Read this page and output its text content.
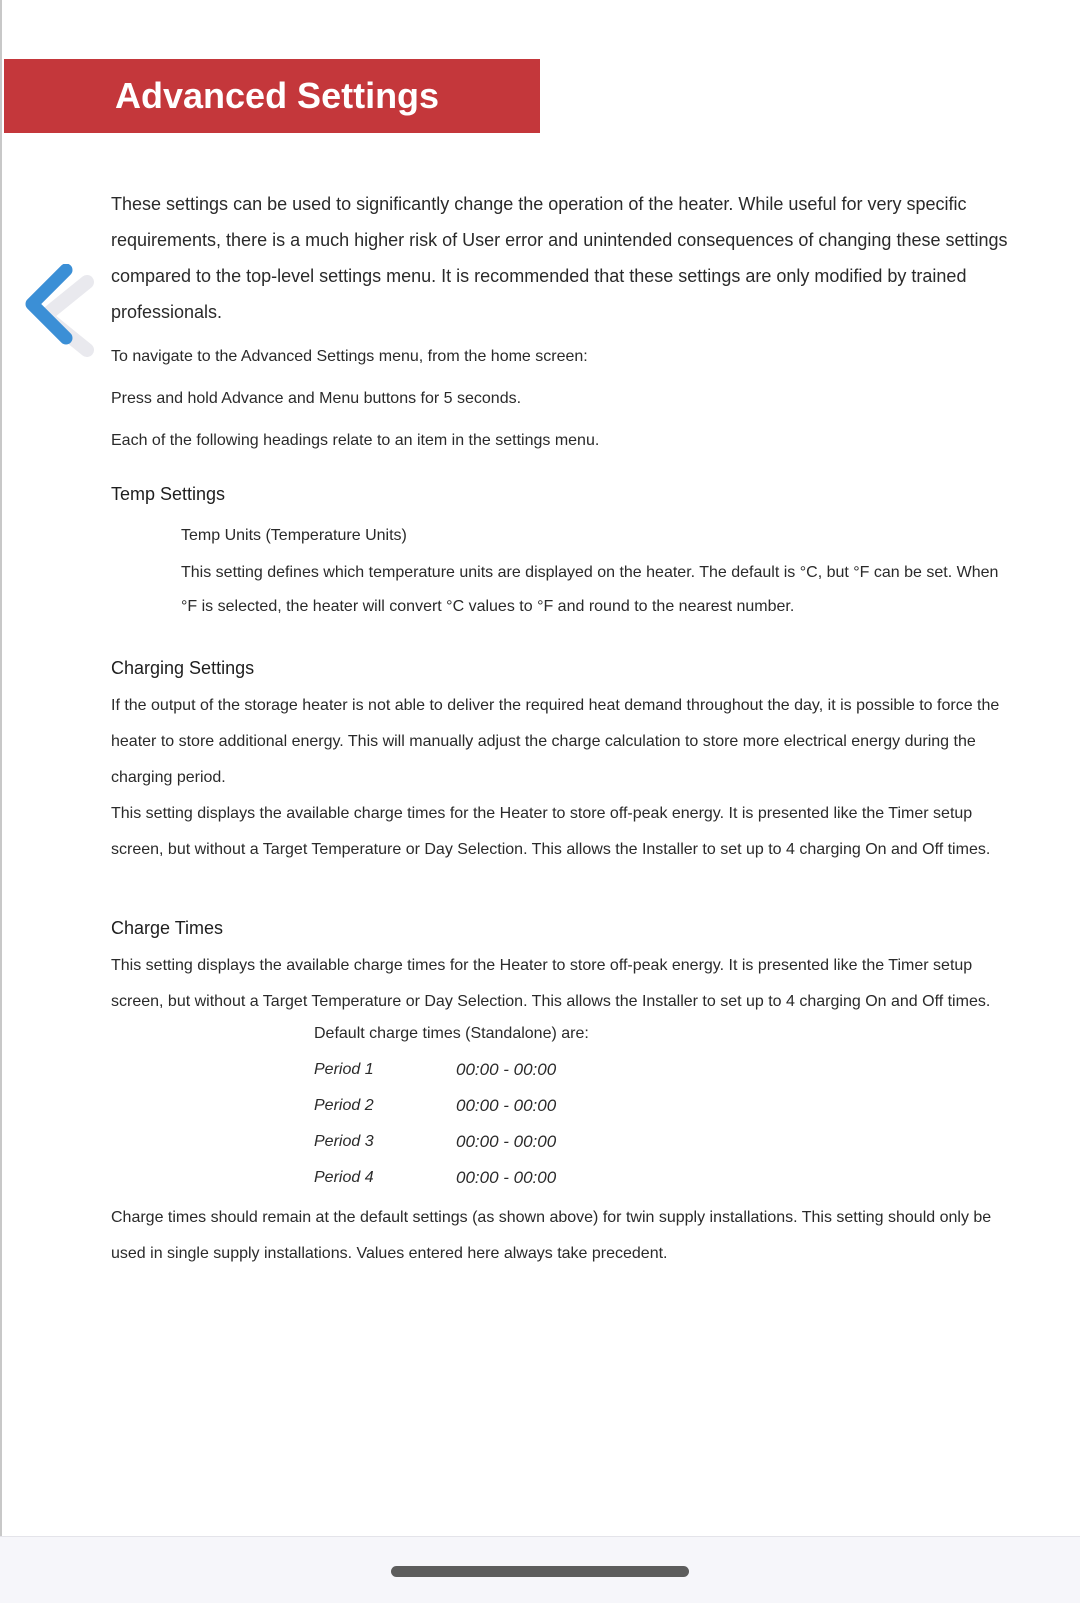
Advanced Settings

These settings can be used to significantly change the operation of the heater. While useful for very specific requirements, there is a much higher risk of User error and unintended consequences of changing these settings compared to the top-level settings menu. It is recommended that these settings are only modified by trained professionals.

To navigate to the Advanced Settings menu, from the home screen:

Press and hold Advance and Menu buttons for 5 seconds.

Each of the following headings relate to an item in the settings menu.

Temp Settings

Temp Units (Temperature Units)

This setting defines which temperature units are displayed on the heater. The default is °C, but °F can be set. When °F is selected, the heater will convert °C values to °F and round to the nearest number.

Charging Settings

If the output of the storage heater is not able to deliver the required heat demand throughout the day, it is possible to force the heater to store additional energy. This will manually adjust the charge calculation to store more electrical energy during the charging period.

This setting displays the available charge times for the Heater to store off-peak energy. It is presented like the Timer setup screen, but without a Target Temperature or Day Selection. This allows the Installer to set up to 4 charging On and Off times.

Charge Times

This setting displays the available charge times for the Heater to store off-peak energy. It is presented like the Timer setup screen, but without a Target Temperature or Day Selection. This allows the Installer to set up to 4 charging On and Off times.

Default charge times (Standalone) are:

Period 1	00:00 - 00:00
Period 2	00:00 - 00:00
Period 3	00:00 - 00:00
Period 4	00:00 - 00:00

Charge times should remain at the default settings (as shown above) for twin supply installations. This setting should only be used in single supply installations. Values entered here always take precedent.
